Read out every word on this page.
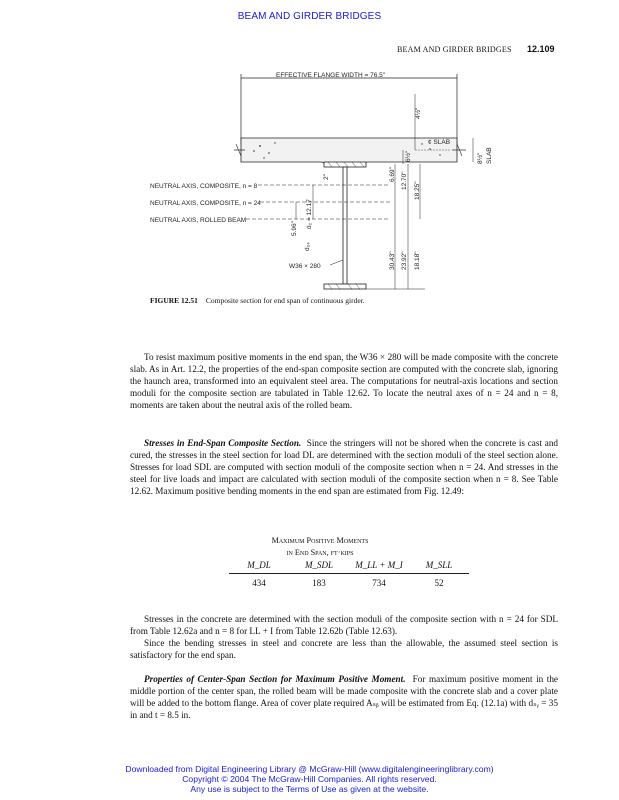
BEAM AND GIRDER BRIDGES
BEAM AND GIRDER BRIDGES 12.109
EFFECTIVE FLANGE WIDTH = 76.5"
¢ SLAB
SLAB
8½"
4½"
6½"
W36 × 280
2"
NEUTRAL AXIS, COMPOSITE, n = 8
NEUTRAL AXIS, COMPOSITE, n = 24
NEUTRAL AXIS, ROLLED BEAM	d₂ = 12.17
5.96"
d₂₄
6.69" 12.70"
18.25"
30.43" 23.92" 18.18"
FIGURE 12.51 Composite section for end span of continuous girder.

To resist maximum positive moments in the end span, the W36 × 280 will be made composite with the concrete slab. As in Art. 12.2, the properties of the end-span composite section are computed with the concrete slab, ignoring the haunch area, transformed into an equivalent steel area. The computations for neutral-axis locations and section moduli for the composite section are tabulated in Table 12.62. To locate the neutral axes of n = 24 and n = 8, moments are taken about the neutral axis of the rolled beam.

Stresses in End-Span Composite Section. Since the stringers will not be shored when the concrete is cast and cured, the stresses in the steel section for load DL are determined with the section moduli of the steel section alone. Stresses for load SDL are computed with section moduli of the composite section when n = 24. And stresses in the steel for live loads and impact are calculated with section moduli of the composite section when n = 8. See Table 12.62. Maximum positive bending moments in the end span are estimated from Fig. 12.49:

Maximum Positive Moments
in End Span, ft·kips
M_DL	M_SDL	M_LL + M_I	M_SLL
434	183	734	52

Stresses in the concrete are determined with the section moduli of the composite section with n = 24 for SDL from Table 12.62a and n = 8 for LL + I from Table 12.62b (Table 12.63).

Since the bending stresses in steel and concrete are less than the allowable, the assumed steel section is satisfactory for the end span.

Properties of Center-Span Section for Maximum Positive Moment. For maximum positive moment in the middle portion of the center span, the rolled beam will be made composite with the concrete slab and a cover plate will be added to the bottom flange. Area of cover plate required Aₛᵦ will be estimated from Eq. (12.1a) with dₛᵧ = 35 in and t = 8.5 in.

Downloaded from Digital Engineering Library @ McGraw-Hill (www.digitalengineeringlibrary.com)
Copyright © 2004 The McGraw-Hill Companies. All rights reserved.
Any use is subject to the Terms of Use as given at the website.
